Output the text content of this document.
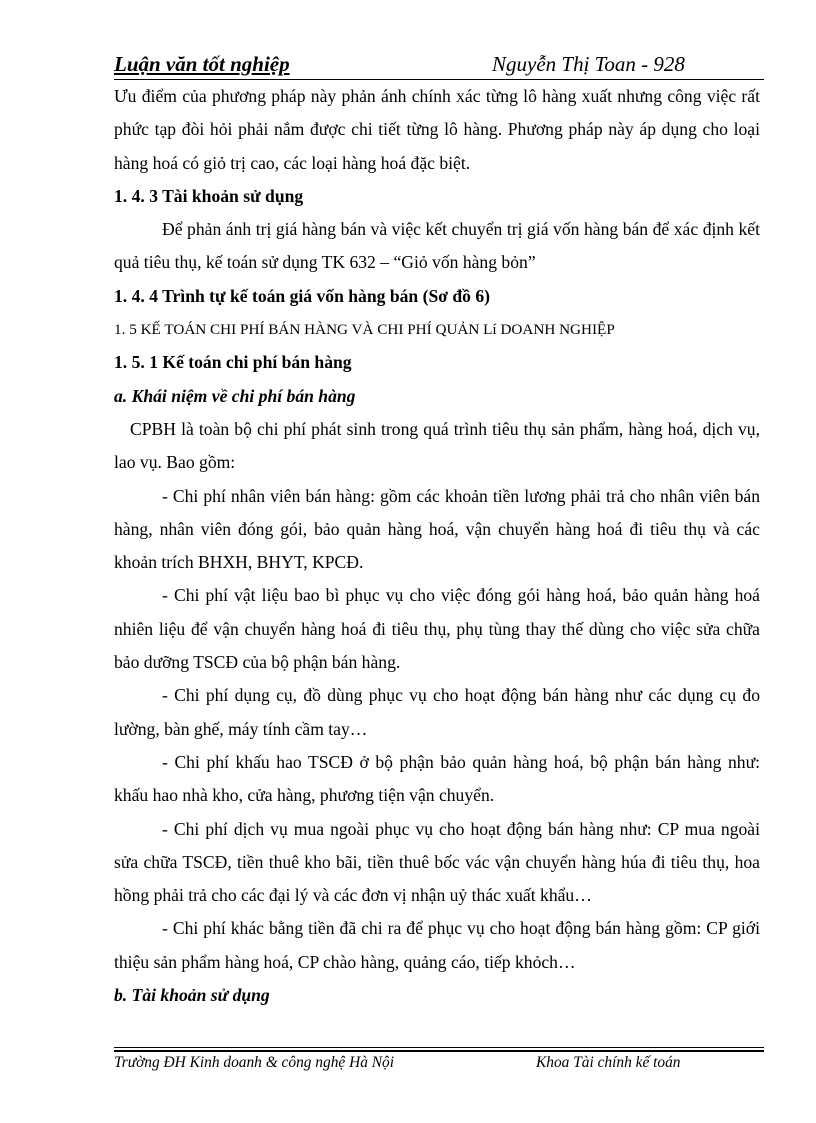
Luận văn tốt nghiệp	Nguyễn Thị Toan - 928

Ưu điểm của phương pháp này phản ánh chính xác từng lô hàng xuất nhưng công việc rất phức tạp đòi hỏi phải nắm được chi tiết từng lô hàng. Phương pháp này áp dụng cho loại hàng hoá có giỏ trị cao, các loại hàng hoá đặc biệt.

1. 4. 3 Tài khoản sử dụng

Để phản ánh trị giá hàng bán và việc kết chuyển trị giá vốn hàng bán để xác định kết quả tiêu thụ, kế toán sử dụng TK 632 – “Giỏ vốn hàng bỏn”

1. 4. 4 Trình tự kế toán giá vốn hàng bán (Sơ đồ 6)

1. 5 KẾ TOÁN CHI PHÍ BÁN HÀNG VÀ CHI PHÍ QUẢN Lí DOANH NGHIỆP

1. 5. 1 Kế toán chi phí bán hàng

a. Khái niệm về chi phí bán hàng

CPBH là toàn bộ chi phí phát sinh trong quá trình tiêu thụ sản phẩm, hàng hoá, dịch vụ, lao vụ. Bao gồm:

- Chi phí nhân viên bán hàng: gồm các khoản tiền lương phải trả cho nhân viên bán hàng, nhân viên đóng gói, bảo quản hàng hoá, vận chuyển hàng hoá đi tiêu thụ và các khoản trích BHXH, BHYT, KPCĐ.

- Chi phí vật liệu bao bì phục vụ cho việc đóng gói hàng hoá, bảo quản hàng hoá nhiên liệu để vận chuyển hàng hoá đi tiêu thụ, phụ tùng thay thế dùng cho việc sửa chữa bảo dưỡng TSCĐ của bộ phận bán hàng.

- Chi phí dụng cụ, đồ dùng phục vụ cho hoạt động bán hàng như các dụng cụ đo lường, bàn ghế, máy tính cầm tay…

- Chi phí khấu hao TSCĐ ở bộ phận bảo quản hàng hoá, bộ phận bán hàng như: khấu hao nhà kho, cửa hàng, phương tiện vận chuyển.

- Chi phí dịch vụ mua ngoài phục vụ cho hoạt động bán hàng như: CP mua ngoài sửa chữa TSCĐ, tiền thuê kho bãi, tiền thuê bốc vác vận chuyển hàng húa đi tiêu thụ, hoa hồng phải trả cho các đại lý và các đơn vị nhận uỷ thác xuất khẩu…

- Chi phí khác bằng tiền đã chi ra để phục vụ cho hoạt động bán hàng gồm: CP giới thiệu sản phẩm hàng hoá, CP chào hàng, quảng cáo, tiếp khỏch…

b. Tài khoản sử dụng

Trường ĐH Kinh doanh & công nghệ Hà Nội	Khoa Tài chính kế toán
